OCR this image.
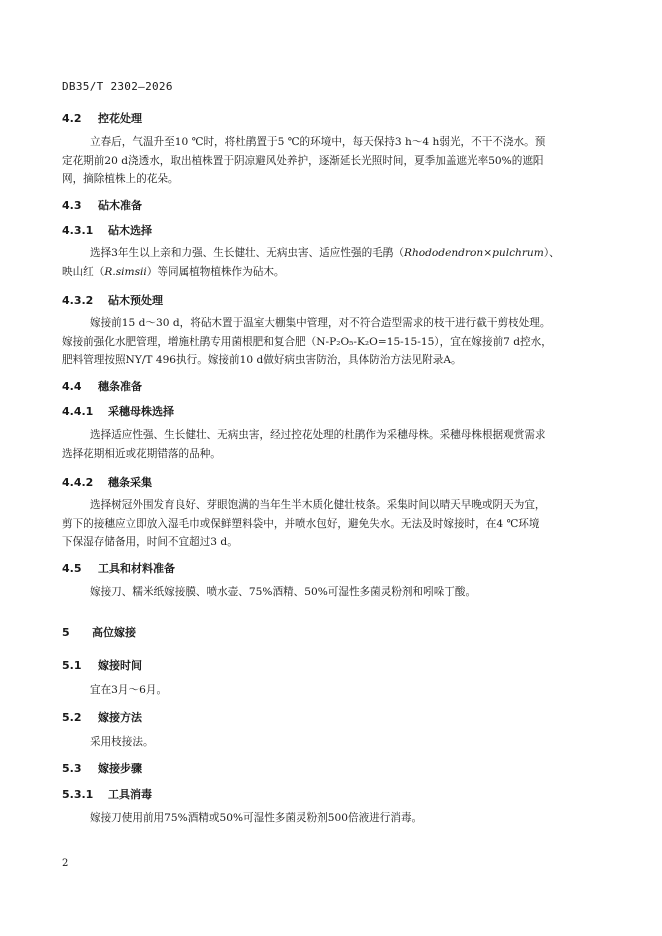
DB35/T 2302—2026
4.2 控花处理
立春后，气温升至10 ℃时，将杜鹃置于5 ℃的环境中，每天保持3 h～4 h弱光，不干不浇水。预
定花期前20 d浇透水，取出植株置于阴凉避风处养护，逐渐延长光照时间，夏季加盖遮光率50%的遮阳
网，摘除植株上的花朵。
4.3 砧木准备
4.3.1 砧木选择
选择3年生以上亲和力强、生长健壮、无病虫害、适应性强的毛鹃（Rhododendron×pulchrum）、
映山红（R.simsii）等同属植物植株作为砧木。
4.3.2 砧木预处理
嫁接前15 d～30 d，将砧木置于温室大棚集中管理，对不符合造型需求的枝干进行截干剪枝处理。
嫁接前强化水肥管理，增施杜鹃专用菌根肥和复合肥（N-P₂O₅-K₂O=15-15-15），宜在嫁接前7 d控水，
肥料管理按照NY/T 496执行。嫁接前10 d做好病虫害防治，具体防治方法见附录A。
4.4 穗条准备
4.4.1 采穗母株选择
选择适应性强、生长健壮、无病虫害，经过控花处理的杜鹃作为采穗母株。采穗母株根据观赏需求
选择花期相近或花期错落的品种。
4.4.2 穗条采集
选择树冠外围发育良好、芽眼饱满的当年生半木质化健壮枝条。采集时间以晴天早晚或阴天为宜，
剪下的接穗应立即放入湿毛巾或保鲜塑料袋中，并喷水包好，避免失水。无法及时嫁接时，在4 ℃环境
下保湿存储备用，时间不宜超过3 d。
4.5 工具和材料准备
嫁接刀、糯米纸嫁接膜、喷水壶、75%酒精、50%可湿性多菌灵粉剂和吲哚丁酸。
5 高位嫁接
5.1 嫁接时间
宜在3月～6月。
5.2 嫁接方法
采用枝接法。
5.3 嫁接步骤
5.3.1 工具消毒
嫁接刀使用前用75%酒精或50%可湿性多菌灵粉剂500倍液进行消毒。
2
